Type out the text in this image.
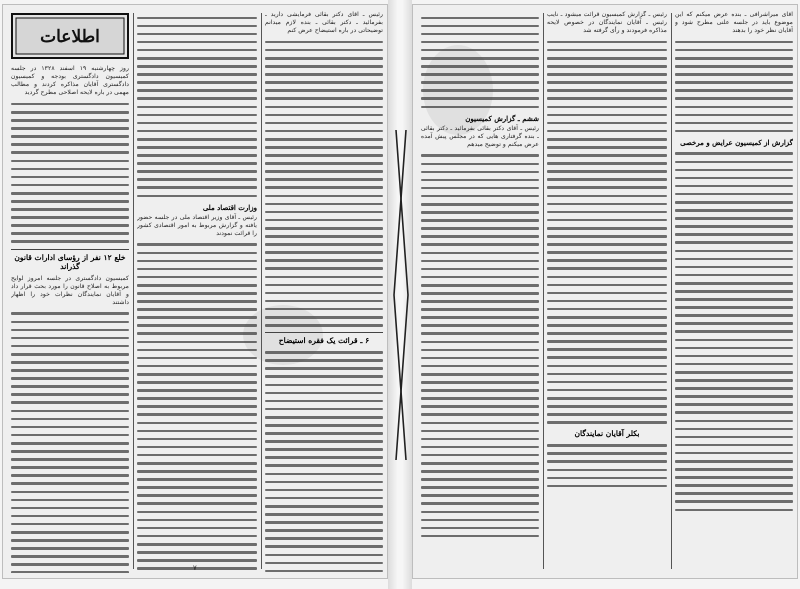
رئیس ـ آقای دکتر بقائی فرمایشی دارید ـ بفرمائید ـ دکتر بقائی ـ بنده لازم میدانم توضیحاتی در باره استیضاح عرض کنم

۶ ـ قرائت یک فقره استیضاح
وزارت اقتصاد ملی

رئیس ـ آقای وزیر اقتصاد ملی در جلسه حضور یافته و گزارش مربوط به امور اقتصادی کشور را قرائت نمودند

اطلاعات

روز چهارشنبه ۱۹ اسفند ۱۳۲۸ در جلسه کمیسیون دادگستری بودجه و کمیسیون دادگستری آقایان مذاکره کردند و مطالب مهمی در باره لایحه اصلاحی مطرح گردید

خلع ۱۲ نفر از رؤسای ادارات قانون گذراند

کمیسیون دادگستری در جلسه امروز لوایح مربوط به اصلاح قانون را مورد بحث قرار داد و آقایان نمایندگان نظرات خود را اظهار داشتند

۷

آقای میراشرافی ـ بنده عرض میکنم که این موضوع باید در جلسه علنی مطرح شود و آقایان نظر خود را بدهند

گزارش از کمیسیون عرایض و مرخصی

رئیس ـ گزارش کمیسیون قرائت میشود ـ نایب رئیس ـ آقایان نمایندگان در خصوص لایحه مذاکره فرمودند و رأی گرفته شد

بکلر آقایان نمایندگان
ششم ـ گزارش کمیسیون

رئیس ـ آقای دکتر بقائی بفرمائید ـ دکتر بقائی ـ بنده گرفتاری هایی که در مجلس پیش آمده عرض میکنم و توضیح میدهم
